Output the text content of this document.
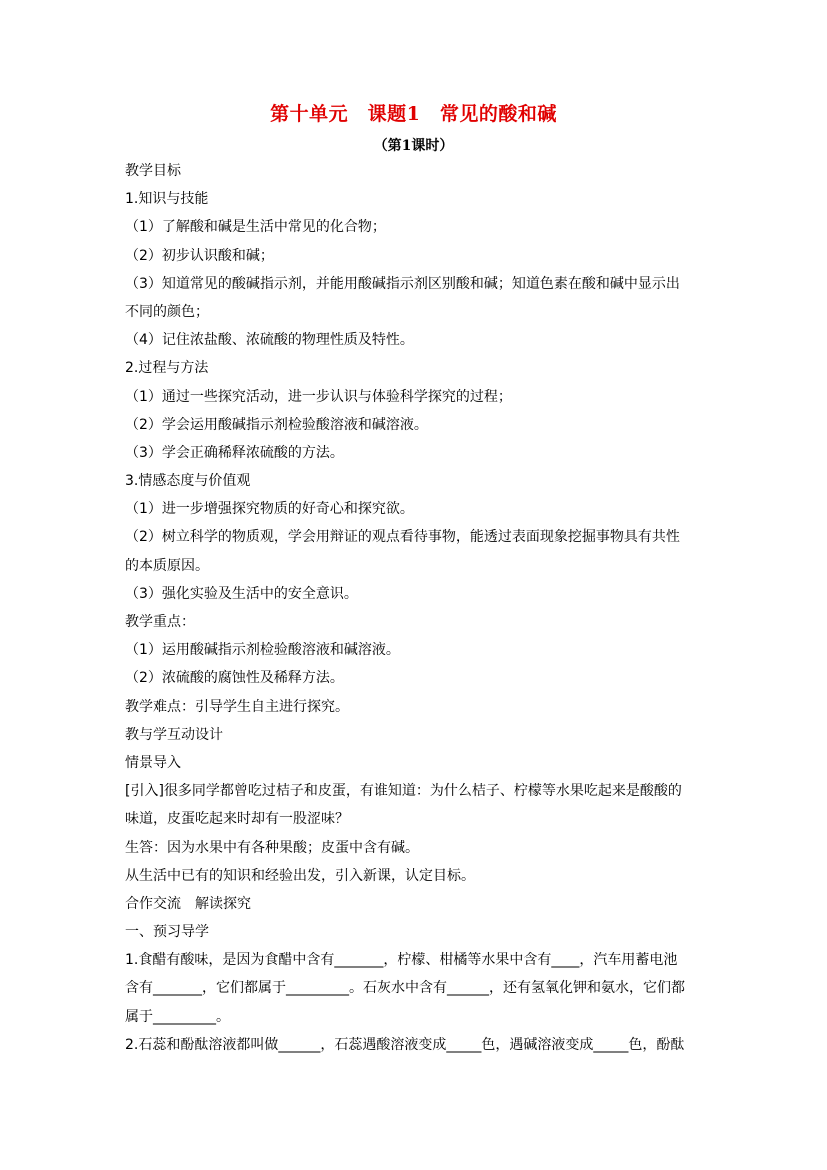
第十单元　课题1　常见的酸和碱
（第1课时）
教学目标
1.知识与技能
（1）了解酸和碱是生活中常见的化合物；
（2）初步认识酸和碱；
（3）知道常见的酸碱指示剂，并能用酸碱指示剂区别酸和碱；知道色素在酸和碱中显示出
不同的颜色；
（4）记住浓盐酸、浓硫酸的物理性质及特性。
2.过程与方法
（1）通过一些探究活动，进一步认识与体验科学探究的过程；
（2）学会运用酸碱指示剂检验酸溶液和碱溶液。
（3）学会正确稀释浓硫酸的方法。
3.情感态度与价值观
（1）进一步增强探究物质的好奇心和探究欲。
（2）树立科学的物质观，学会用辩证的观点看待事物，能透过表面现象挖掘事物具有共性
的本质原因。
（3）强化实验及生活中的安全意识。
教学重点：
（1）运用酸碱指示剂检验酸溶液和碱溶液。
（2）浓硫酸的腐蚀性及稀释方法。
教学难点：引导学生自主进行探究。
教与学互动设计
情景导入
[引入]很多同学都曾吃过桔子和皮蛋，有谁知道：为什么桔子、柠檬等水果吃起来是酸酸的
味道，皮蛋吃起来时却有一股涩味？
生答：因为水果中有各种果酸；皮蛋中含有碱。
从生活中已有的知识和经验出发，引入新课，认定目标。
合作交流　解读探究
一、预习导学
1.食醋有酸味，是因为食醋中含有_______，柠檬、柑橘等水果中含有____，汽车用蓄电池
含有_______，它们都属于_________。石灰水中含有______，还有氢氧化钾和氨水，它们都
属于_________。
2.石蕊和酚酞溶液都叫做______，石蕊遇酸溶液变成_____色，遇碱溶液变成_____色，酚酞
